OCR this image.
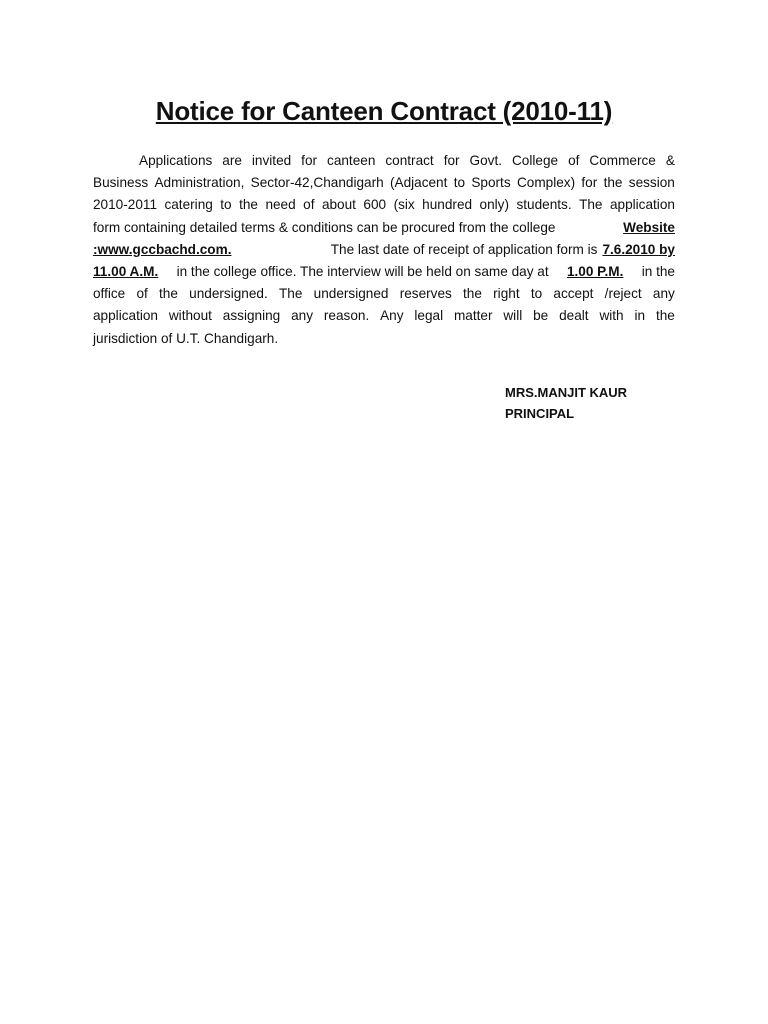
Notice for Canteen Contract (2010-11)
Applications are invited for canteen contract for Govt. College of Commerce &
Business Administration, Sector-42,Chandigarh (Adjacent to Sports Complex) for the session
2010-2011 catering to the need of about 600 (six hundred only) students. The application
form containing detailed terms & conditions can be procured from the college	Website
:www.gccbachd.com.	The last date of receipt of application form is 7.6.2010 by
11.00 A.M. in the college office. The interview will be held on same day at 1.00 P.M. in the
office of the undersigned. The undersigned reserves the right to accept /reject any
application without assigning any reason. Any legal matter will be dealt with in the
jurisdiction of U.T. Chandigarh.
MRS.MANJIT KAUR
PRINCIPAL
